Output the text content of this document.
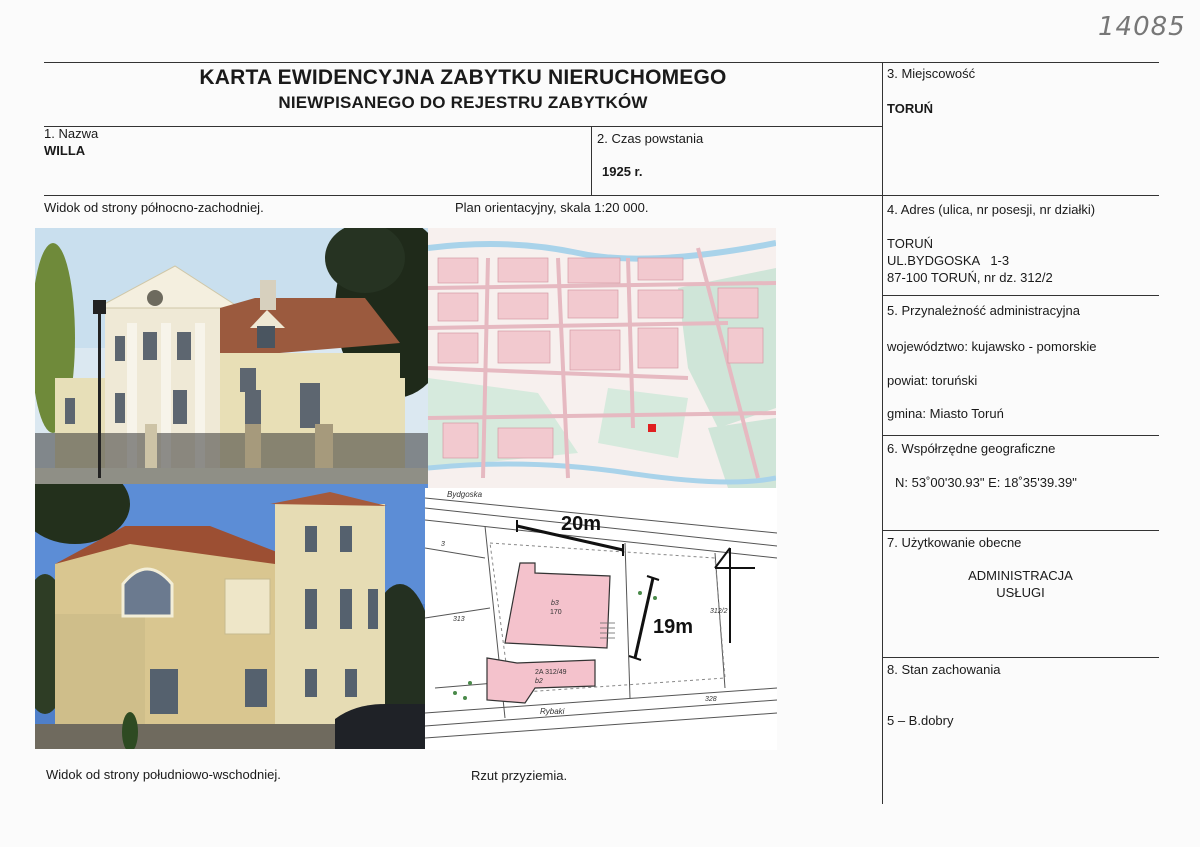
14085
KARTA EWIDENCYJNA ZABYTKU NIERUCHOMEGO
NIEWPISANEGO DO REJESTRU ZABYTKÓW
1. Nazwa
WILLA
2. Czas powstania
1925 r.
3. Miejscowość
TORUŃ
4. Adres (ulica, nr posesji, nr działki)
TORUŃ
UL.BYDGOSKA   1-3
87-100 TORUŃ, nr dz. 312/2
5. Przynależność administracyjna
województwo: kujawsko - pomorskie
powiat: toruński
gmina: Miasto Toruń
6. Współrzędne geograficzne
N: 53˚00'30.93" E: 18˚35'39.39"
7. Użytkowanie obecne
ADMINISTRACJA
USŁUGI
8. Stan zachowania
5 – B.dobry
Widok od strony północno-zachodniej.	Plan orientacyjny, skala 1:20 000.
Widok od strony południowo-wschodniej.	Rzut przyziemia.
Bydgoska
Rybaki
20m
19m
312/2
b3
170
b2
2A 312/49
313
3
328
